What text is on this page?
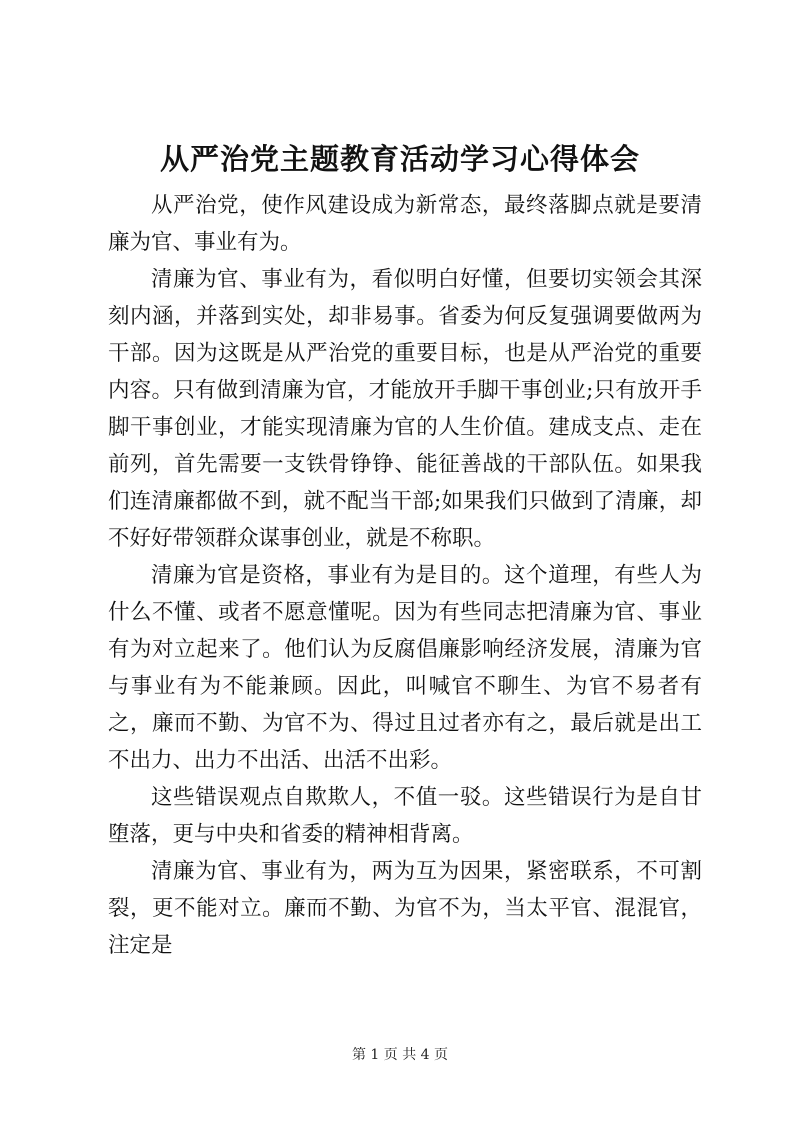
从严治党主题教育活动学习心得体会

从严治党，使作风建设成为新常态，最终落脚点就是要清廉为官、事业有为。

清廉为官、事业有为，看似明白好懂，但要切实领会其深刻内涵，并落到实处，却非易事。省委为何反复强调要做两为干部。因为这既是从严治党的重要目标，也是从严治党的重要内容。只有做到清廉为官，才能放开手脚干事创业;只有放开手脚干事创业，才能实现清廉为官的人生价值。建成支点、走在前列，首先需要一支铁骨铮铮、能征善战的干部队伍。如果我们连清廉都做不到，就不配当干部;如果我们只做到了清廉，却不好好带领群众谋事创业，就是不称职。

清廉为官是资格，事业有为是目的。这个道理，有些人为什么不懂、或者不愿意懂呢。因为有些同志把清廉为官、事业有为对立起来了。他们认为反腐倡廉影响经济发展，清廉为官与事业有为不能兼顾。因此，叫喊官不聊生、为官不易者有之，廉而不勤、为官不为、得过且过者亦有之，最后就是出工不出力、出力不出活、出活不出彩。

这些错误观点自欺欺人，不值一驳。这些错误行为是自甘堕落，更与中央和省委的精神相背离。

清廉为官、事业有为，两为互为因果，紧密联系，不可割裂，更不能对立。廉而不勤、为官不为，当太平官、混混官，注定是

第 1 页 共 4 页
